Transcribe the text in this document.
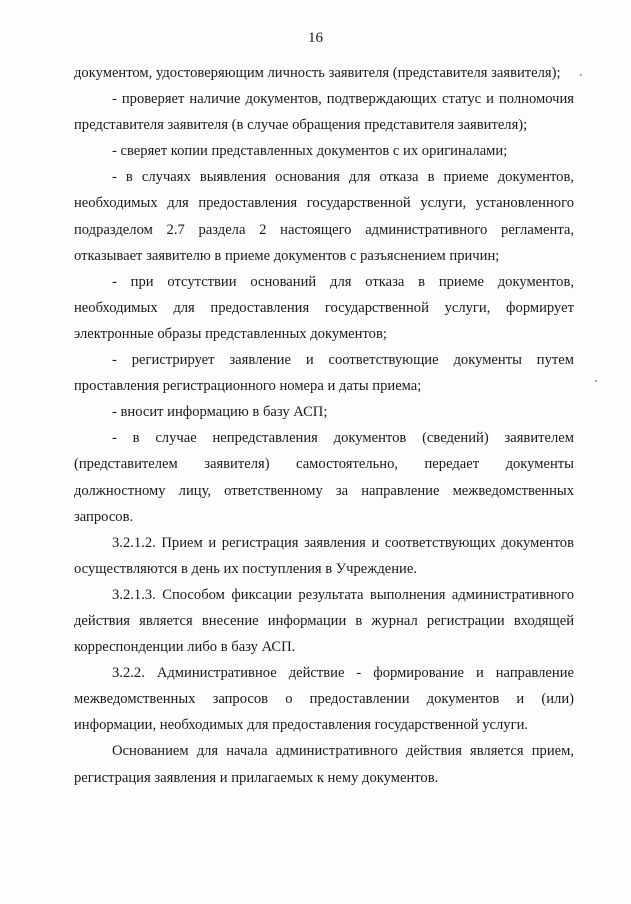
16

документом, удостоверяющим личность заявителя (представителя заявителя);

- проверяет наличие документов, подтверждающих статус и полномочия представителя заявителя (в случае обращения представителя заявителя);

- сверяет копии представленных документов с их оригиналами;

- в случаях выявления основания для отказа в приеме документов, необходимых для предоставления государственной услуги, установленного подразделом 2.7 раздела 2 настоящего административного регламента, отказывает заявителю в приеме документов с разъяснением причин;

- при отсутствии оснований для отказа в приеме документов, необходимых для предоставления государственной услуги, формирует электронные образы представленных документов;

- регистрирует заявление и соответствующие документы путем проставления регистрационного номера и даты приема;

- вносит информацию в базу АСП;

- в случае непредставления документов (сведений) заявителем (представителем заявителя) самостоятельно, передает документы должностному лицу, ответственному за направление межведомственных запросов.

3.2.1.2. Прием и регистрация заявления и соответствующих документов осуществляются в день их поступления в Учреждение.

3.2.1.3. Способом фиксации результата выполнения административного действия является внесение информации в журнал регистрации входящей корреспонденции либо в базу АСП.

3.2.2. Административное действие - формирование и направление межведомственных запросов о предоставлении документов и (или) информации, необходимых для предоставления государственной услуги.

Основанием для начала административного действия является прием, регистрация заявления и прилагаемых к нему документов.
